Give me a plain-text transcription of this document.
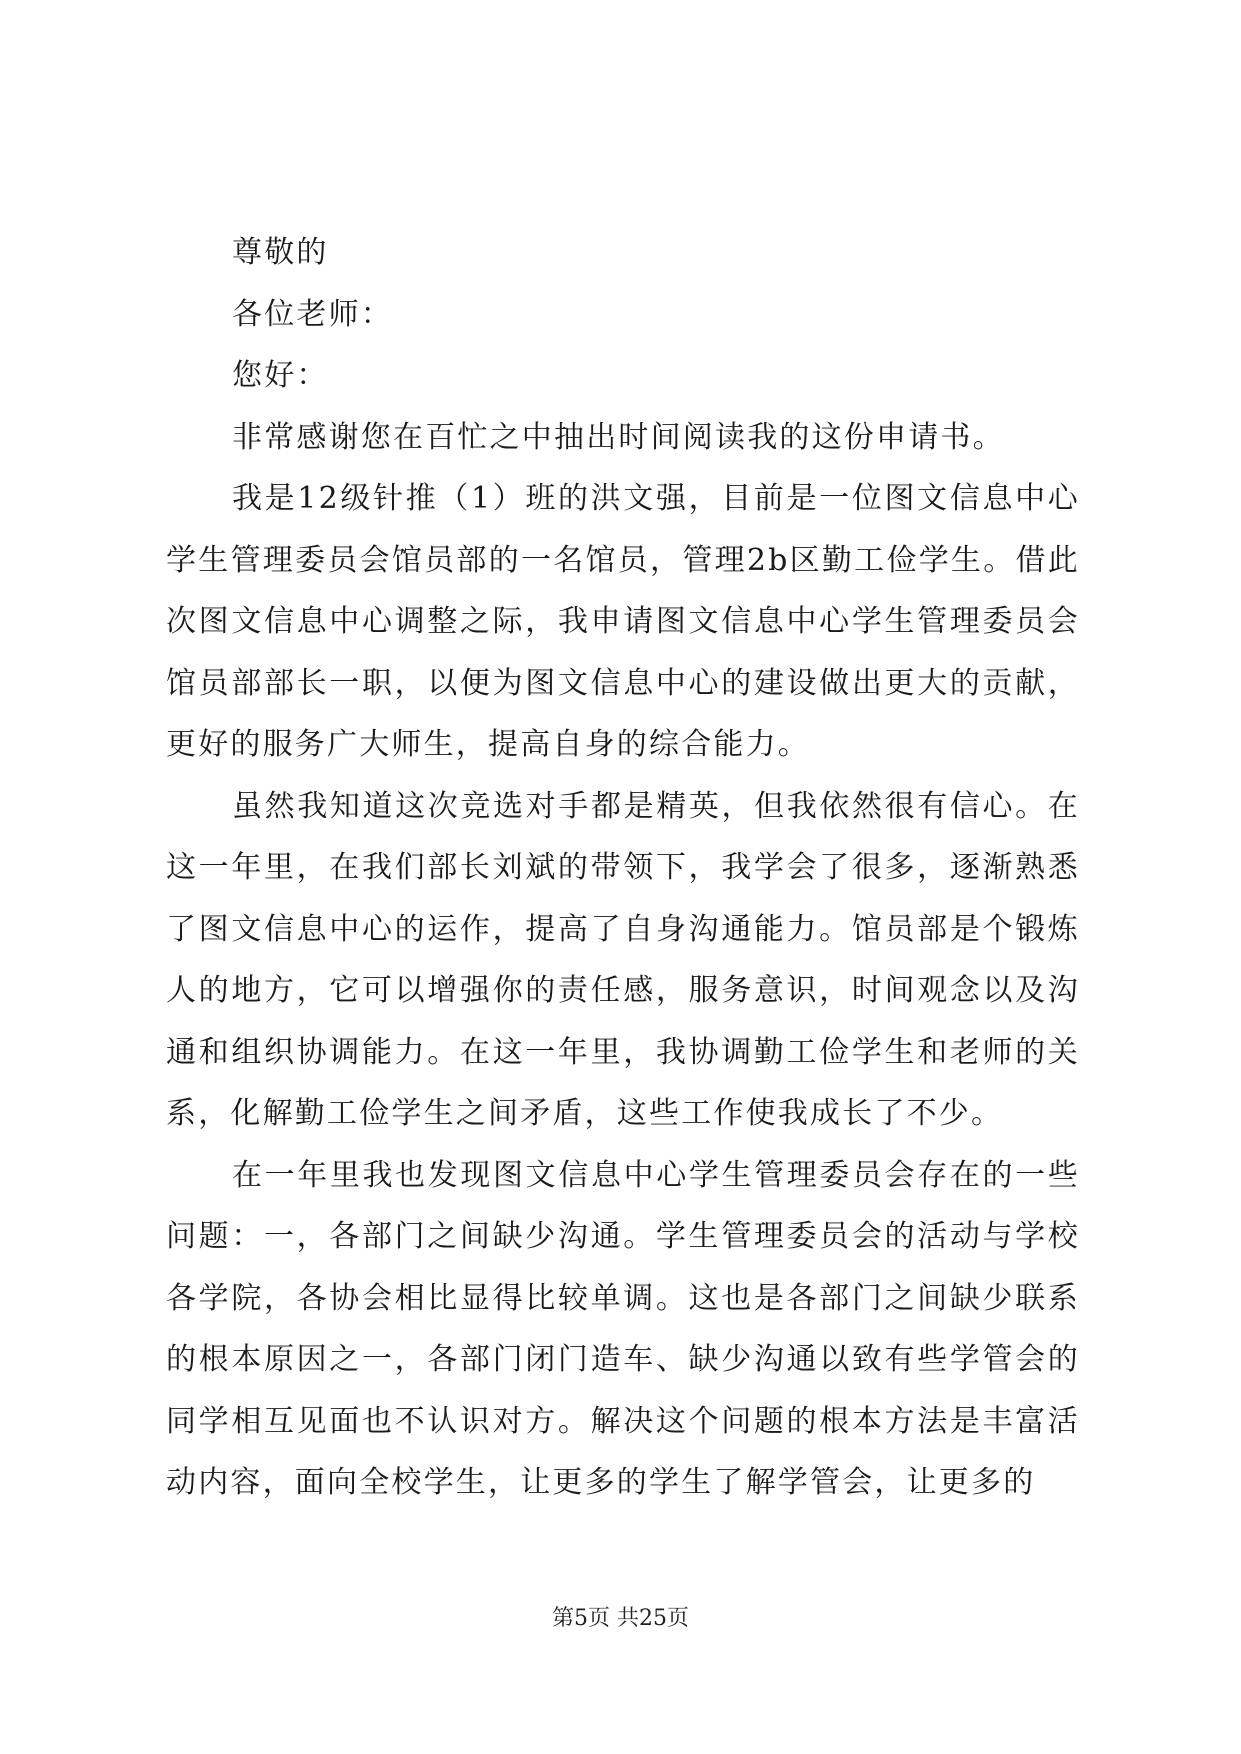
尊敬的

各位老师：

您好：

非常感谢您在百忙之中抽出时间阅读我的这份申请书。

我是12级针推（1）班的洪文强，目前是一位图文信息中心学生管理委员会馆员部的一名馆员，管理2b区勤工俭学生。借此次图文信息中心调整之际，我申请图文信息中心学生管理委员会馆员部部长一职，以便为图文信息中心的建设做出更大的贡献，更好的服务广大师生，提高自身的综合能力。

虽然我知道这次竞选对手都是精英，但我依然很有信心。在这一年里，在我们部长刘斌的带领下，我学会了很多，逐渐熟悉了图文信息中心的运作，提高了自身沟通能力。馆员部是个锻炼人的地方，它可以增强你的责任感，服务意识，时间观念以及沟通和组织协调能力。在这一年里，我协调勤工俭学生和老师的关系，化解勤工俭学生之间矛盾，这些工作使我成长了不少。

在一年里我也发现图文信息中心学生管理委员会存在的一些问题：一，各部门之间缺少沟通。学生管理委员会的活动与学校各学院，各协会相比显得比较单调。这也是各部门之间缺少联系的根本原因之一，各部门闭门造车、缺少沟通以致有些学管会的同学相互见面也不认识对方。解决这个问题的根本方法是丰富活动内容，面向全校学生，让更多的学生了解学管会，让更多的

第5页 共25页
